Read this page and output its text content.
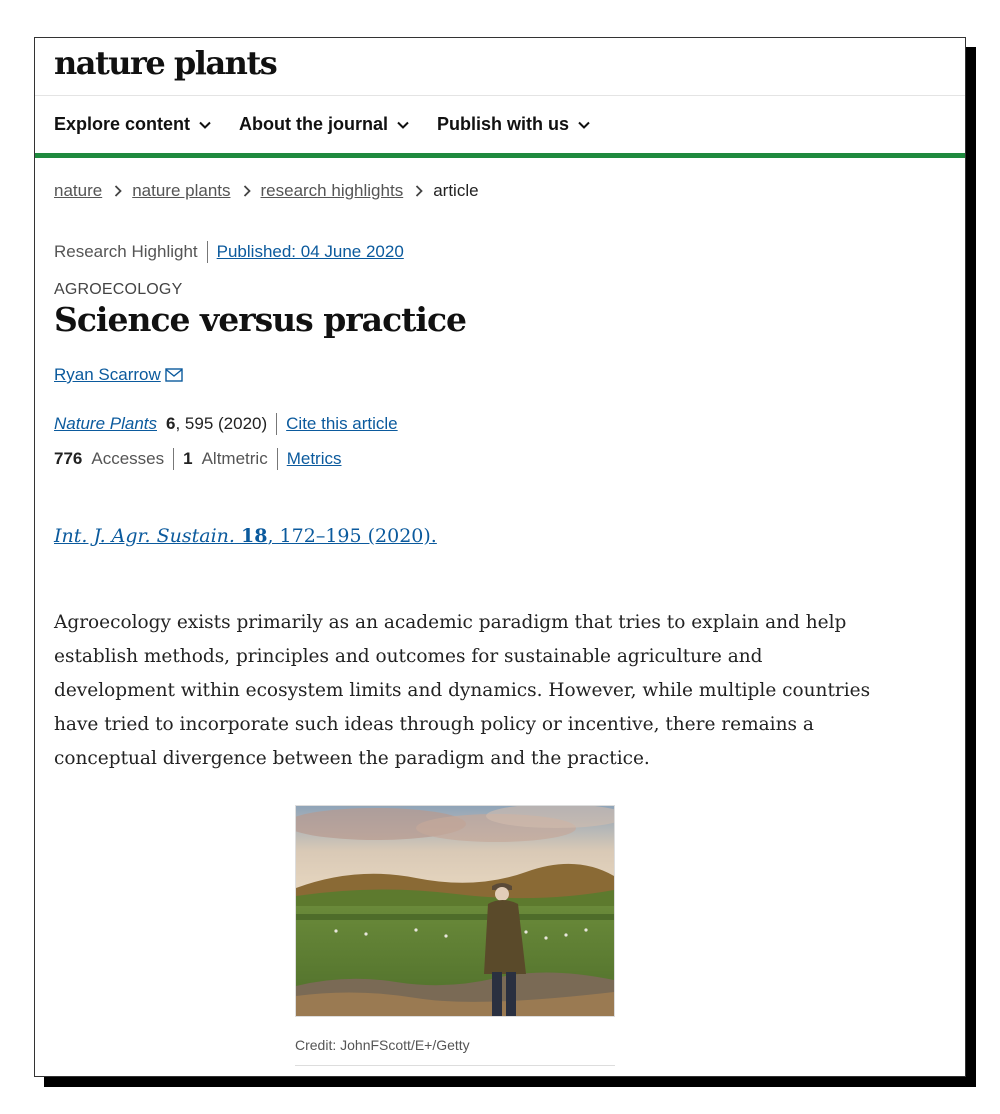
nature plants
Explore content	About the journal	Publish with us
nature nature plants research highlights article
Research Highlight Published: 04 June 2020
AGROECOLOGY
Science versus practice
Ryan Scarrow
Nature Plants 6 , 595 (2020) Cite this article
776 Accesses 1 Altmetric Metrics
Int. J. Agr. Sustain. 18, 172–195 (2020).
Agroecology exists primarily as an academic paradigm that tries to explain and help establish methods, principles and outcomes for sustainable agriculture and development within ecosystem limits and dynamics. However, while multiple countries have tried to incorporate such ideas through policy or incentive, there remains a conceptual divergence between the paradigm and the practice.
Credit: JohnFScott/E+/Getty
